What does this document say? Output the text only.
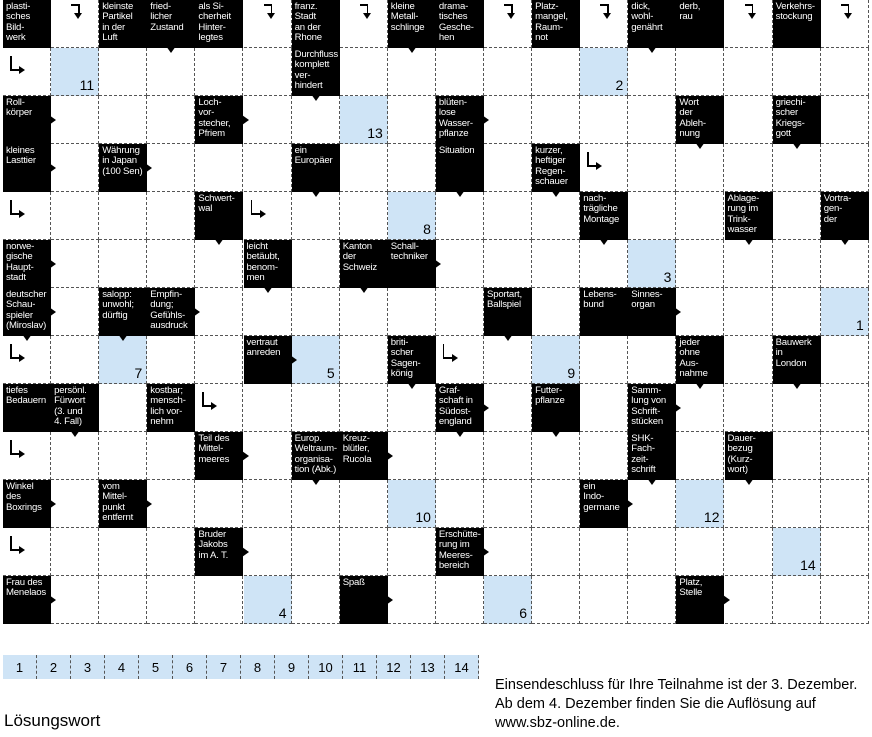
plasti-
sches
Bild-
werk
kleinste
Partikel
in der
Luft
fried-
licher
Zustand
als Si-
cherheit
Hinter-
legtes
franz.
Stadt
an der
Rhone
kleine
Metall-
schlinge
drama-
tisches
Gesche-
hen
Platz-
mangel,
Raum-
not
dick,
wohl-
genährt
derb,
rau
Verkehrs-
stockung
11
Durchfluss
komplett
ver-
hindert	2
Roll-
körper
Loch-
vor-
stecher,
Pfriem	13
blüten-
lose
Wasser-
pflanze
Wort
der
Ableh-
nung
griechi-
scher
Kriegs-
gott
kleines
Lasttier
Währung
in Japan
(100 Sen)
ein
Europäer
Situation	kurzer,
heftiger
Regen-
schauer
Schwert-
wal
8
nach-
trägliche
Montage
Ablage-
rung im
Trink-
wasser
Vortra-
gen-
der
norwe-
gische
Haupt-
stadt
leicht
betäubt,
benom-
men
Kanton
der
Schweiz
Schall-
techniker
3
deutscher
Schau-
spieler
(Miroslav)
salopp:
unwohl;
dürftig
Empfin-
dung;
Gefühls-
ausdruck
Sportart,
Ballspiel
Lebens-
bund
Sinnes-
organ
1
7
vertraut
anreden
5
briti-
scher
Sagen-
könig	9
jeder
ohne
Aus-
nahme
Bauwerk
in
London
tiefes
Bedauern
persönl.
Fürwort
(3. und
4. Fall)
kostbar;
mensch-
lich vor-
nehm
Graf-
schaft in
Südost-
england
Futter-
pflanze
Samm-
lung von
Schrift-
stücken
Teil des
Mittel-
meeres
Europ.
Weltraum-
organisa-
tion (Abk.)
Kreuz-
blütler,
Rucola
SHK-
Fach-
zeit-
schrift
Dauer-
bezug
(Kurz-
wort)
Winkel
des
Boxrings
vom
Mittel-
punkt
entfernt	10
ein
Indo-
germane
12
Bruder
Jakobs
im A. T.
Erschütte-
rung im
Meeres-
bereich	14
Frau des
Menelaos
4
Spaß
6
Platz,
Stelle
1	2	3	4	5	6	7	8	9	10	11	12	13	14
Lösungswort
Einsendeschluss für Ihre Teilnahme ist der 3. Dezember.
Ab dem 4. Dezember finden Sie die Auflösung auf
www.sbz-online.de.
